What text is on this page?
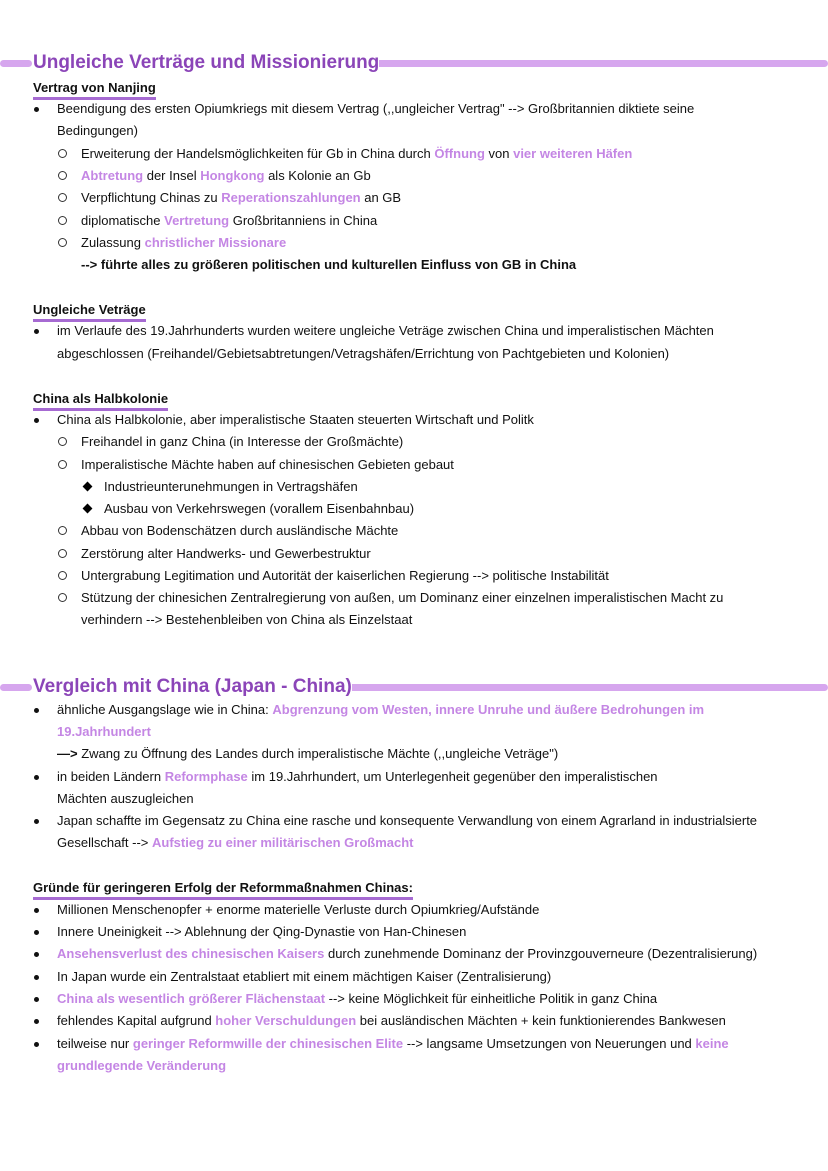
Ungleiche Verträge und Missionierung
Vertrag von Nanjing
Beendigung des ersten Opiumkriegs mit diesem Vertrag (,,ungleicher Vertrag" --> Großbritannien diktiete seine
Bedingungen)
Erweiterung der Handelsmöglichkeiten für Gb in China durch Öffnung von vier weiteren Häfen
Abtretung der Insel Hongkong als Kolonie an Gb
Verpflichtung Chinas zu Reperationszahlungen an GB
diplomatische Vertretung Großbritanniens in China
Zulassung christlicher Missionare
--> führte alles zu größeren politischen und kulturellen Einfluss von GB in China
Ungleiche Veträge
im Verlaufe des 19.Jahrhunderts wurden weitere ungleiche Veträge zwischen China und imperalistischen Mächten
abgeschlossen (Freihandel/Gebietsabtretungen/Vetragshäfen/Errichtung von Pachtgebieten und Kolonien)
China als Halbkolonie
China als Halbkolonie, aber imperalistische Staaten steuerten Wirtschaft und Politk
Freihandel in ganz China (in Interesse der Großmächte)
Imperalistische Mächte haben auf chinesischen Gebieten gebaut
Industrieunterunehmungen in Vertragshäfen
Ausbau von Verkehrswegen (vorallem Eisenbahnbau)
Abbau von Bodenschätzen durch ausländische Mächte
Zerstörung alter Handwerks- und Gewerbestruktur
Untergrabung Legitimation und Autorität der kaiserlichen Regierung --> politische Instabilität
Stützung der chinesichen Zentralregierung von außen, um Dominanz einer einzelnen imperalistischen Macht zu
verhindern --> Bestehenbleiben von China als Einzelstaat
Vergleich mit China (Japan - China)
ähnliche Ausgangslage wie in China: Abgrenzung vom Westen, innere Unruhe und äußere Bedrohungen im
19.Jahrhundert
—> Zwang zu Öffnung des Landes durch imperalistische Mächte (,,ungleiche Veträge")
in beiden Ländern Reformphase im 19.Jahrhundert, um Unterlegenheit gegenüber den imperalistischen
Mächten auszugleichen
Japan schaffte im Gegensatz zu China eine rasche und konsequente Verwandlung von einem Agrarland in industrialsierte
Gesellschaft --> Aufstieg zu einer militärischen Großmacht
Gründe für geringeren Erfolg der Reformmaßnahmen Chinas:
Millionen Menschenopfer + enorme materielle Verluste durch Opiumkrieg/Aufstände
Innere Uneinigkeit --> Ablehnung der Qing-Dynastie von Han-Chinesen
Ansehensverlust des chinesischen Kaisers durch zunehmende Dominanz der Provinzgouverneure (Dezentralisierung)
In Japan wurde ein Zentralstaat etabliert mit einem mächtigen Kaiser (Zentralisierung)
China als wesentlich größerer Flächenstaat --> keine Möglichkeit für einheitliche Politik in ganz China
fehlendes Kapital aufgrund hoher Verschuldungen bei ausländischen Mächten + kein funktionierendes Bankwesen
teilweise nur geringer Reformwille der chinesischen Elite --> langsame Umsetzungen von Neuerungen und keine
grundlegende Veränderung
